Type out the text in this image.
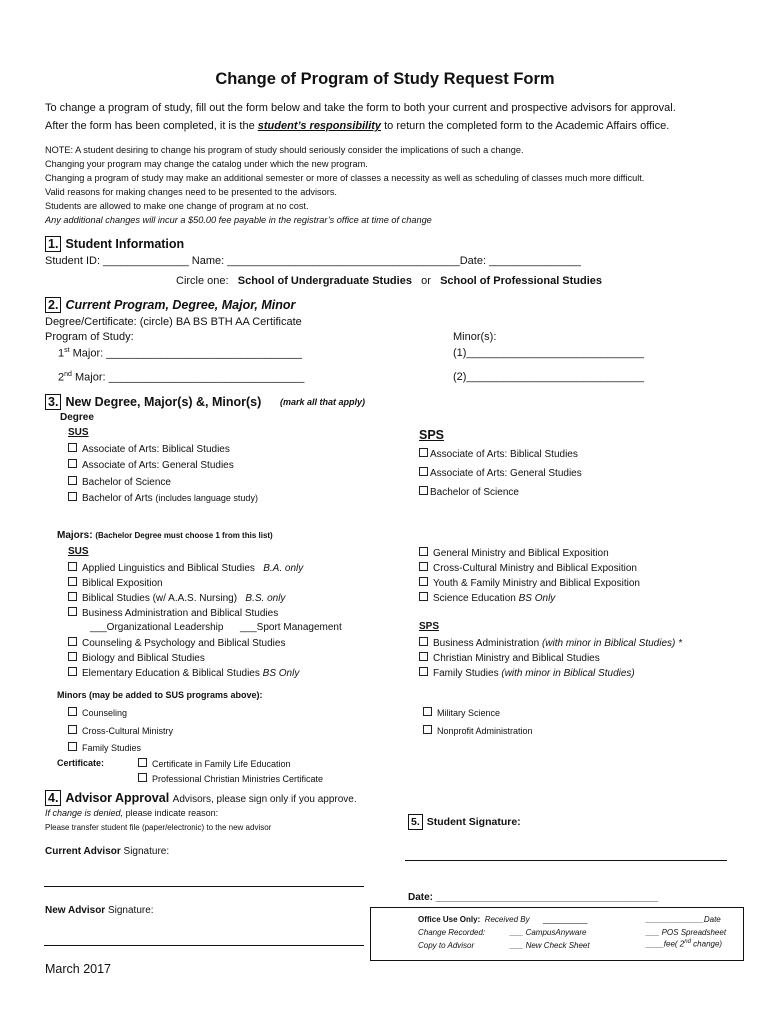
Change of Program of Study Request Form
To change a program of study, fill out the form below and take the form to both your current and prospective advisors for approval.
After the form has been completed, it is the student’s responsibility to return the completed form to the Academic Affairs office.
NOTE: A student desiring to change his program of study should seriously consider the implications of such a change.
Changing your program may change the catalog under which the new program.
Changing a program of study may make an additional semester or more of classes a necessity as well as scheduling of classes much more difficult.
Valid reasons for making changes need to be presented to the advisors.
Students are allowed to make one change of program at no cost.
Any additional changes will incur a $50.00 fee payable in the registrar’s office at time of change
1. Student Information
Student ID: ______________ Name: ______________________________________Date: _______________
Circle one: School of Undergraduate Studies or School of Professional Studies
2. Current Program, Degree, Major, Minor
Degree/Certificate: (circle) BA BS BTH AA Certificate
Program of Study:	Minor(s):
1st Major: ________________________________	(1)_____________________________
2nd Major: ________________________________	(2)_____________________________
3. New Degree, Major(s) &, Minor(s) (mark all that apply)
Degree
SUS	SPS
Associate of Arts: Biblical Studies
Associate of Arts: General Studies
Bachelor of Science
Bachelor of Arts (includes language study)
Associate of Arts: Biblical Studies
Associate of Arts: General Studies
Bachelor of Science
Majors: (Bachelor Degree must choose 1 from this list)
SUS
Applied Linguistics and Biblical Studies B.A. only
Biblical Exposition
Biblical Studies (w/ A.A.S. Nursing) B.S. only
Business Administration and Biblical Studies
___Organizational Leadership ___Sport Management
Counseling & Psychology and Biblical Studies
Biology and Biblical Studies
Elementary Education & Biblical Studies BS Only
General Ministry and Biblical Exposition
Cross-Cultural Ministry and Biblical Exposition
Youth & Family Ministry and Biblical Exposition
Science Education BS Only
SPS
Business Administration (with minor in Biblical Studies) *
Christian Ministry and Biblical Studies
Family Studies (with minor in Biblical Studies)
Minors (may be added to SUS programs above):
Counseling
Cross-Cultural Ministry
Family Studies
Military Science
Nonprofit Administration
Certificate:	Certificate in Family Life Education
Professional Christian Ministries Certificate
4. Advisor Approval Advisors, please sign only if you approve.
If change is denied, please indicate reason:
Please transfer student file (paper/electronic) to the new advisor
Current Advisor Signature:
New Advisor Signature:
5. Student Signature:
Date: ________________________________________
Office Use Only: Received By __________	_____________Date
Change Recorded:	___ CampusAnyware	___ POS Spreadsheet
Copy to Advisor	___ New Check Sheet	____fee( 2nd change)
March 2017
